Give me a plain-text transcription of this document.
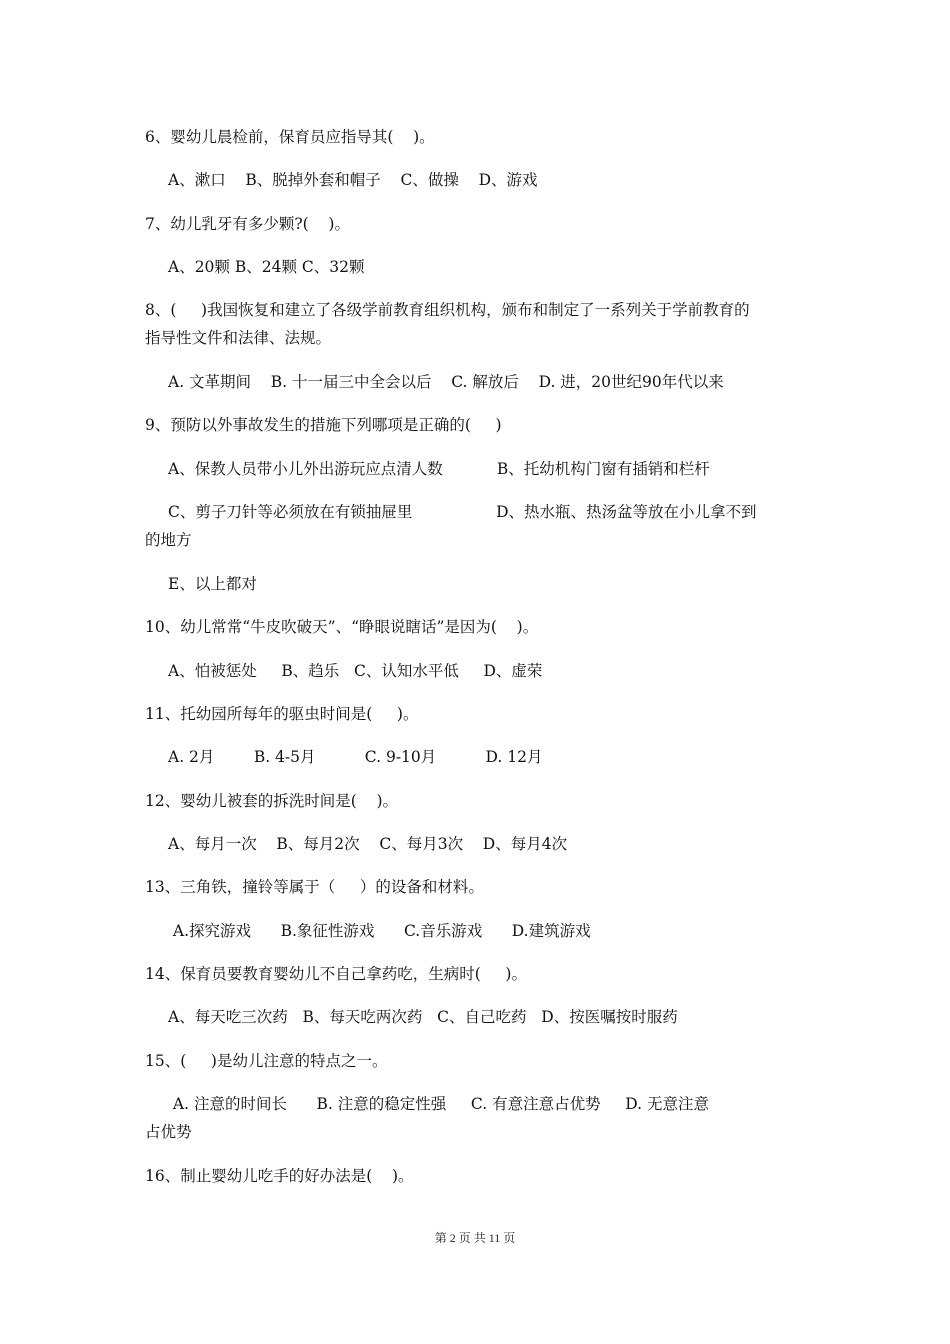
6、婴幼儿晨检前，保育员应指导其(    )。

A、漱口    B、脱掉外套和帽子    C、做操    D、游戏

7、幼儿乳牙有多少颗?(    )。

A、20颗 B、24颗 C、32颗

8、(     )我国恢复和建立了各级学前教育组织机构，颁布和制定了一系列关于学前教育的

指导性文件和法律、法规。

A. 文革期间    B. 十一届三中全会以后    C. 解放后    D. 进，20世纪90年代以来

9、预防以外事故发生的措施下列哪项是正确的(     )

A、保教人员带小儿外出游玩应点清人数           B、托幼机构门窗有插销和栏杆

C、剪子刀针等必须放在有锁抽屉里                 D、热水瓶、热汤盆等放在小儿拿不到

的地方

E、以上都对

10、幼儿常常“牛皮吹破天”、“睁眼说瞎话”是因为(    )。

A、怕被惩处     B、趋乐   C、认知水平低     D、虚荣

11、托幼园所每年的驱虫时间是(     )。

A. 2月        B. 4-5月          C. 9-10月          D. 12月

12、婴幼儿被套的拆洗时间是(    )。

A、每月一次    B、每月2次    C、每月3次    D、每月4次

13、三角铁，撞铃等属于（     ）的设备和材料。

A.探究游戏      B.象征性游戏      C.音乐游戏      D.建筑游戏

14、保育员要教育婴幼儿不自己拿药吃，生病时(     )。

A、每天吃三次药   B、每天吃两次药   C、自己吃药   D、按医嘱按时服药

15、(     )是幼儿注意的特点之一。

A. 注意的时间长      B. 注意的稳定性强     C. 有意注意占优势     D. 无意注意

占优势

16、制止婴幼儿吃手的好办法是(    )。

第 2 页 共 11 页
